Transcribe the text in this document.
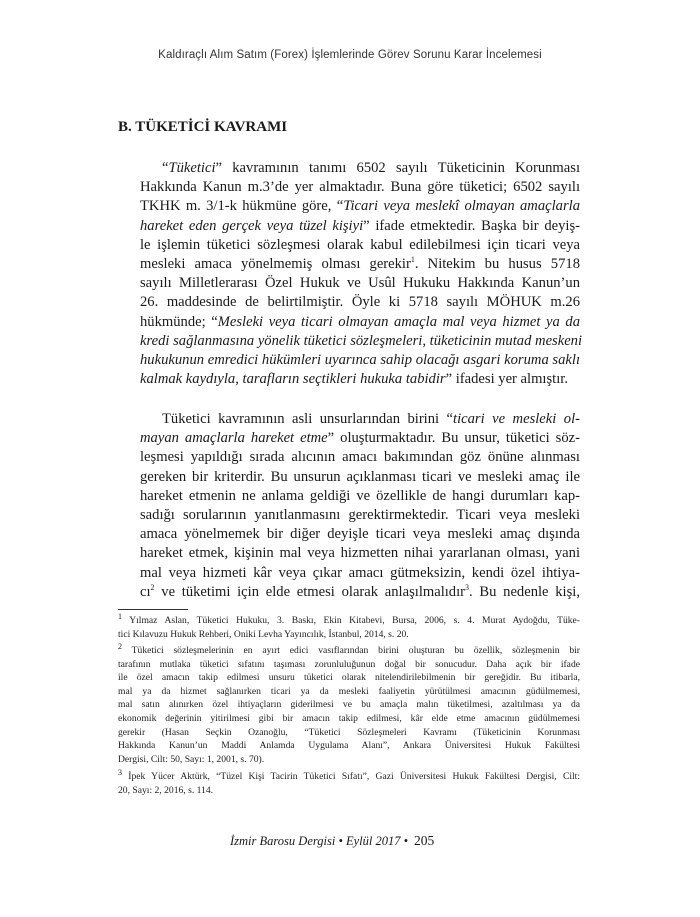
Kaldıraçlı Alım Satım (Forex) İşlemlerinde Görev Sorunu Karar İncelemesi
B. TÜKETİCİ KAVRAMI
“Tüketici” kavramının tanımı 6502 sayılı Tüketicinin Korunması
Hakkında Kanun m.3’de yer almaktadır. Buna göre tüketici; 6502 sayılı
TKHK m. 3/1-k hükmüne göre, “Ticari veya meslekî olmayan amaçlarla
hareket eden gerçek veya tüzel kişiyi” ifade etmektedir. Başka bir deyiş-
le işlemin tüketici sözleşmesi olarak kabul edilebilmesi için ticari veya
mesleki amaca yönelmemiş olması gerekir$^1$. Nitekim bu husus 5718
sayılı Milletlerarası Özel Hukuk ve Usûl Hukuku Hakkında Kanun’un
26. maddesinde de belirtilmiştir. Öyle ki 5718 sayılı MÖHUK m.26
hükmünde; “Mesleki veya ticari olmayan amaçla mal veya hizmet ya da
kredi sağlanmasına yönelik tüketici sözleşmeleri, tüketicinin mutad meskeni
hukukunun emredici hükümleri uyarınca sahip olacağı asgari koruma saklı
kalmak kaydıyla, tarafların seçtikleri hukuka tabidir” ifadesi yer almıştır.
Tüketici kavramının asli unsurlarından birini “ticari ve mesleki ol-
mayan amaçlarla hareket etme” oluşturmaktadır. Bu unsur, tüketici söz-
leşmesi yapıldığı sırada alıcının amacı bakımından göz önüne alınması
gereken bir kriterdir. Bu unsurun açıklanması ticari ve mesleki amaç ile
hareket etmenin ne anlama geldiği ve özellikle de hangi durumları kap-
sadığı sorularının yanıtlanmasını gerektirmektedir. Ticari veya mesleki
amaca yönelmemek bir diğer deyişle ticari veya mesleki amaç dışında
hareket etmek, kişinin mal veya hizmetten nihai yararlanan olması, yani
mal veya hizmeti kâr veya çıkar amacı gütmeksizin, kendi özel ihtiya-
$cı^2$ ve tüketimi için elde etmesi olarak anlaşılmalıdır$^3$. Bu nedenle kişi,
$^1$ Yılmaz Aslan, Tüketici Hukuku, 3. Baskı, Ekin Kitabevi, Bursa, 2006, s. 4. Murat Aydoğdu, Tüke-
tici Kılavuzu Hukuk Rehberi, Oniki Levha Yayıncılık, İstanbul, 2014, s. 20.
$^2$ Tüketici sözleşmelerinin en ayırt edici vasıflarından birini oluşturan bu özellik, sözleşmenin bir
tarafının mutlaka tüketici sıfatını taşıması zorunluluğunun doğal bir sonucudur. Daha açık bir ifade
ile özel amacın takip edilmesi unsuru tüketici olarak nitelendirilebilmenin bir gereğidir. Bu itibarla,
mal ya da hizmet sağlanırken ticari ya da mesleki faaliyetin yürütülmesi amacının güdülmemesi,
mal satın alınırken özel ihtiyaçların giderilmesi ve bu amaçla malın tüketilmesi, azaltılması ya da
ekonomik değerinin yitirilmesi gibi bir amacın takip edilmesi, kâr elde etme amacının güdülmemesi
gerekir (Hasan Seçkin Ozanoğlu, “Tüketici Sözleşmeleri Kavramı (Tüketicinin Korunması
Hakkında Kanun’un Maddi Anlamda Uygulama Alanı”, Ankara Üniversitesi Hukuk Fakültesi
Dergisi, Cilt: 50, Sayı: 1, 2001, s. 70).
$^3$ İpek Yücer Aktürk, “Tüzel Kişi Tacirin Tüketici Sıfatı”, Gazi Üniversitesi Hukuk Fakültesi Dergisi, Cilt:
20, Sayı: 2, 2016, s. 114.
İzmir Barosu Dergisi • Eylül 2017 • 205
